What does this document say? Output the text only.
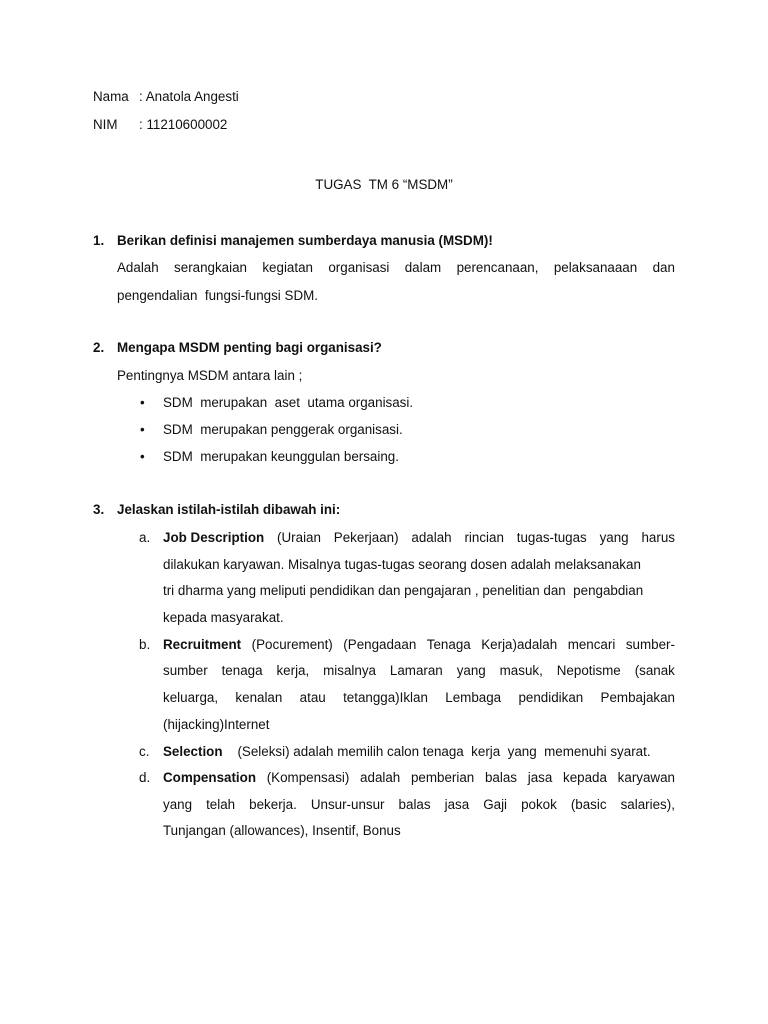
Nama : Anatola Angesti
NIM : 11210600002
TUGAS  TM 6 “MSDM”
1. Berikan definisi manajemen sumberdaya manusia (MSDM)!
Adalah serangkaian kegiatan organisasi dalam perencanaan, pelaksanaaan dan
pengendalian  fungsi-fungsi SDM.
2. Mengapa MSDM penting bagi organisasi?
Pentingnya MSDM antara lain ;
• SDM  merupakan  aset  utama organisasi.
• SDM  merupakan penggerak organisasi.
• SDM  merupakan keunggulan bersaing.
3. Jelaskan istilah-istilah dibawah ini:
a. Job Description (Uraian Pekerjaan) adalah rincian tugas-tugas yang harus
dilakukan karyawan. Misalnya tugas-tugas seorang dosen adalah melaksanakan
tri dharma yang meliputi pendidikan dan pengajaran , penelitian dan  pengabdian
kepada masyarakat.
b. Recruitment (Pocurement) (Pengadaan Tenaga Kerja)adalah mencari sumber-
sumber tenaga kerja, misalnya Lamaran yang masuk, Nepotisme (sanak
keluarga, kenalan atau tetangga)Iklan Lembaga pendidikan Pembajakan
(hijacking)Internet
c. Selection (Seleksi) adalah memilih calon tenaga  kerja  yang  memenuhi syarat.
d. Compensation (Kompensasi) adalah pemberian balas jasa kepada karyawan
yang telah bekerja. Unsur-unsur balas jasa Gaji pokok (basic salaries),
Tunjangan (allowances), Insentif, Bonus
